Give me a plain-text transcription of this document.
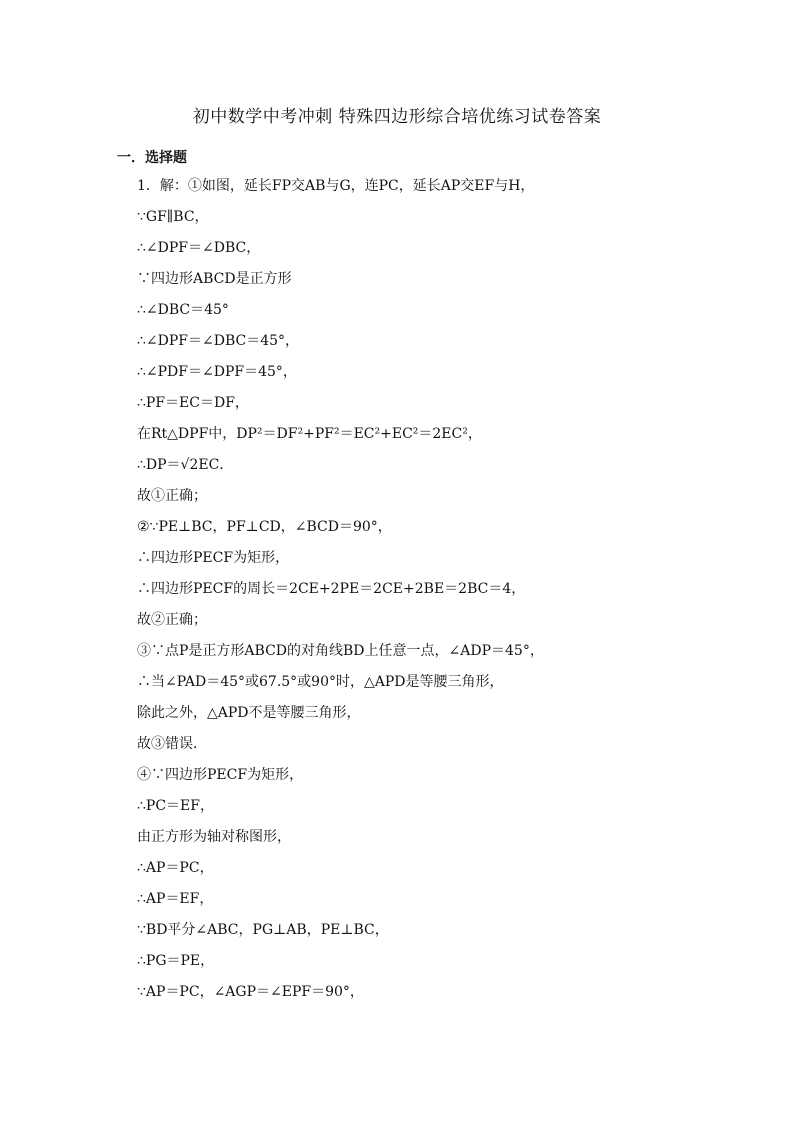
初中数学中考冲刺 特殊四边形综合培优练习试卷答案
一．选择题
1．解：①如图，延长FP交AB与G，连PC，延长AP交EF与H，
∵GF∥BC，
∴∠DPF＝∠DBC，
∵四边形ABCD是正方形
∴∠DBC＝45°
∴∠DPF＝∠DBC＝45°，
∴∠PDF＝∠DPF＝45°，
∴PF＝EC＝DF，
在Rt△DPF中，DP²＝DF²+PF²＝EC²+EC²＝2EC²，
∴DP＝√2EC．
故①正确；
②∵PE⊥BC，PF⊥CD，∠BCD＝90°，
∴四边形PECF为矩形，
∴四边形PECF的周长＝2CE+2PE＝2CE+2BE＝2BC＝4，
故②正确；
③∵点P是正方形ABCD的对角线BD上任意一点，∠ADP＝45°，
∴当∠PAD＝45°或67.5°或90°时，△APD是等腰三角形，
除此之外，△APD不是等腰三角形，
故③错误．
④∵四边形PECF为矩形，
∴PC＝EF，
由正方形为轴对称图形，
∴AP＝PC，
∴AP＝EF，
∵BD平分∠ABC，PG⊥AB，PE⊥BC，
∴PG＝PE，
∵AP＝PC，∠AGP＝∠EPF＝90°，
